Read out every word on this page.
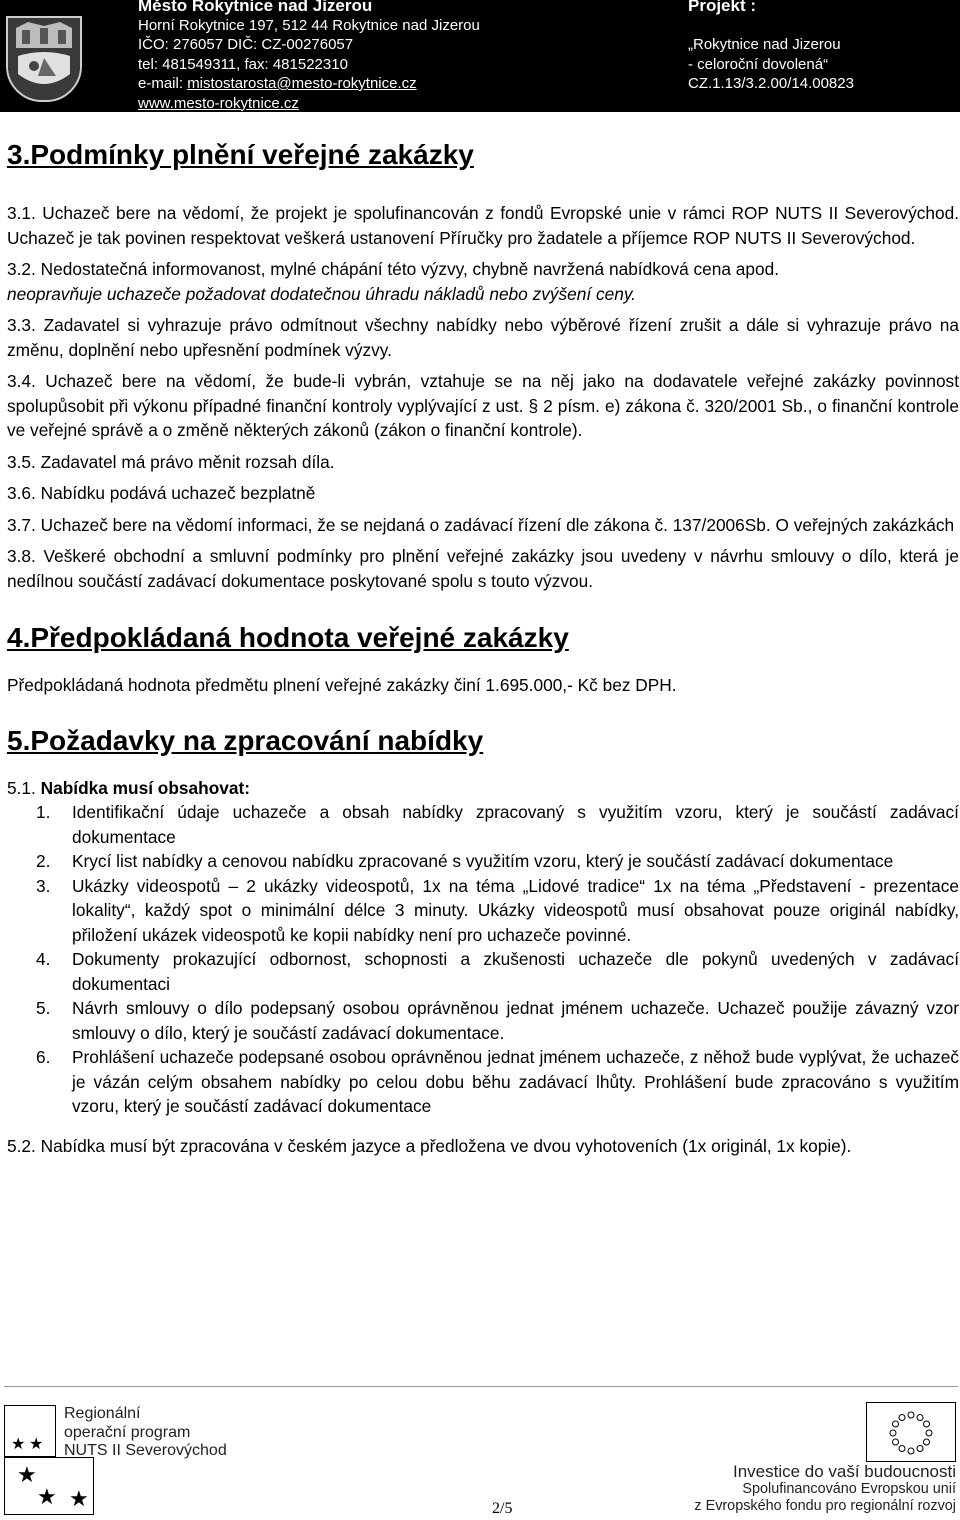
Město Rokytnice nad Jizerou
Horní Rokytnice 197, 512 44 Rokytnice nad Jizerou
IČO: 276057 DIČ: CZ-00276057
tel: 481549311, fax: 481522310
e-mail: mistostarosta@mesto-rokytnice.cz
www.mesto-rokytnice.cz
Projekt :

„Rokytnice nad Jizerou
- celoroční dovolená“
CZ.1.13/3.2.00/14.00823
3.Podmínky plnění veřejné zakázky

3.1. Uchazeč bere na vědomí, že projekt je spolufinancován z fondů Evropské unie v rámci ROP NUTS II Severovýchod. Uchazeč je tak povinen respektovat veškerá ustanovení Příručky pro žadatele a příjemce ROP NUTS II Severovýchod.

3.2. Nedostatečná informovanost, mylné chápání této výzvy, chybně navržená nabídková cena apod.

neopravňuje uchazeče požadovat dodatečnou úhradu nákladů nebo zvýšení ceny.

3.3. Zadavatel si vyhrazuje právo odmítnout všechny nabídky nebo výběrové řízení zrušit a dále si vyhrazuje právo na změnu, doplnění nebo upřesnění podmínek výzvy.

3.4. Uchazeč bere na vědomí, že bude-li vybrán, vztahuje se na něj jako na dodavatele veřejné zakázky povinnost spolupůsobit při výkonu případné finanční kontroly vyplývající z ust. § 2 písm. e) zákona č. 320/2001 Sb., o finanční kontrole ve veřejné správě a o změně některých zákonů (zákon o finanční kontrole).

3.5. Zadavatel má právo měnit rozsah díla.

3.6. Nabídku podává uchazeč bezplatně

3.7. Uchazeč bere na vědomí informaci, že se nejdaná o zadávací řízení dle zákona č. 137/2006Sb. O veřejných zakázkách

3.8. Veškeré obchodní a smluvní podmínky pro plnění veřejné zakázky jsou uvedeny v návrhu smlouvy o dílo, která je nedílnou součástí zadávací dokumentace poskytované spolu s touto výzvou.

4.Předpokládaná hodnota veřejné zakázky

Předpokládaná hodnota předmětu plnení veřejné zakázky činí 1.695.000,- Kč bez DPH.

5.Požadavky na zpracování nabídky

5.1. Nabídka musí obsahovat:

1. Identifikační údaje uchazeče a obsah nabídky zpracovaný s využitím vzoru, který je součástí zadávací dokumentace
2. Krycí list nabídky a cenovou nabídku zpracované s využitím vzoru, který je součástí zadávací dokumentace
3. Ukázky videospotů – 2 ukázky videospotů, 1x na téma „Lidové tradice“ 1x na téma „Představení - prezentace lokality“, každý spot o minimální délce 3 minuty. Ukázky videospotů musí obsahovat pouze originál nabídky, přiložení ukázek videospotů ke kopii nabídky není pro uchazeče povinné.
4. Dokumenty prokazující odbornost, schopnosti a zkušenosti uchazeče dle pokynů uvedených v zadávací dokumentaci
5. Návrh smlouvy o dílo podepsaný osobou oprávněnou jednat jménem uchazeče. Uchazeč použije závazný vzor smlouvy o dílo, který je součástí zadávací dokumentace.
6. Prohlášení uchazeče podepsané osobou oprávněnou jednat jménem uchazeče, z něhož bude vyplývat, že uchazeč je vázán celým obsahem nabídky po celou dobu běhu zadávací lhůty. Prohlášení bude zpracováno s využitím vzoru, který je součástí zadávací dokumentace

5.2. Nabídka musí být zpracována v českém jazyce a předložena ve dvou vyhotoveních (1x originál, 1x kopie).

★ ★
★
★ ★
Regionální
operační program
NUTS II Severovýchod
2/5
Investice do vaší budoucnosti
Spolufinancováno Evropskou unií
z Evropského fondu pro regionální rozvoj
